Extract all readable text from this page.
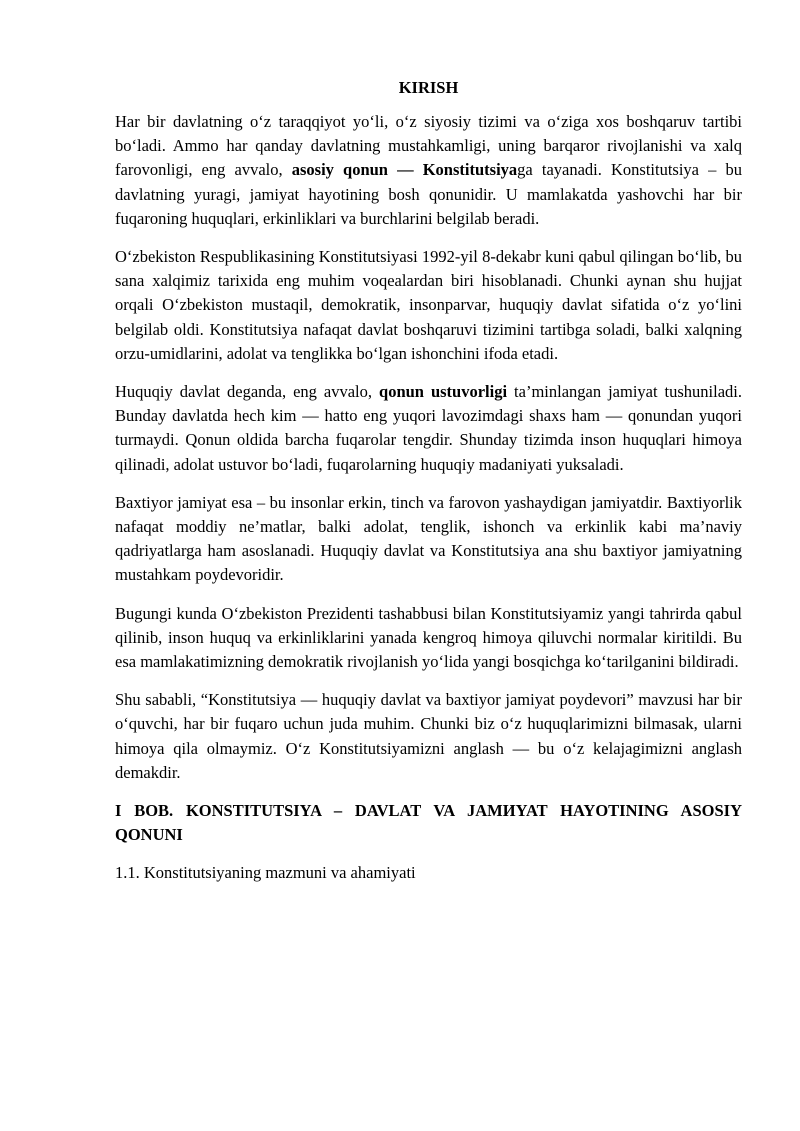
KIRISH

Har bir davlatning o‘z taraqqiyot yo‘li, o‘z siyosiy tizimi va o‘ziga xos boshqaruv tartibi bo‘ladi. Ammo har qanday davlatning mustahkamligi, uning barqaror rivojlanishi va xalq farovonligi, eng avvalo, asosiy qonun — Konstitutsiyaga tayanadi. Konstitutsiya – bu davlatning yuragi, jamiyat hayotining bosh qonunidir. U mamlakatda yashovchi har bir fuqaroning huquqlari, erkinliklari va burchlarini belgilab beradi.

O‘zbekiston Respublikasining Konstitutsiyasi 1992-yil 8-dekabr kuni qabul qilingan bo‘lib, bu sana xalqimiz tarixida eng muhim voqealardan biri hisoblanadi. Chunki aynan shu hujjat orqali O‘zbekiston mustaqil, demokratik, insonparvar, huquqiy davlat sifatida o‘z yo‘lini belgilab oldi. Konstitutsiya nafaqat davlat boshqaruvi tizimini tartibga soladi, balki xalqning orzu-umidlarini, adolat va tenglikka bo‘lgan ishonchini ifoda etadi.

Huquqiy davlat deganda, eng avvalo, qonun ustuvorligi ta’minlangan jamiyat tushuniladi. Bunday davlatda hech kim — hatto eng yuqori lavozimdagi shaxs ham — qonundan yuqori turmaydi. Qonun oldida barcha fuqarolar tengdir. Shunday tizimda inson huquqlari himoya qilinadi, adolat ustuvor bo‘ladi, fuqarolarning huquqiy madaniyati yuksaladi.

Baxtiyor jamiyat esa – bu insonlar erkin, tinch va farovon yashaydigan jamiyatdir. Baxtiyorlik nafaqat moddiy ne’matlar, balki adolat, tenglik, ishonch va erkinlik kabi ma’naviy qadriyatlarga ham asoslanadi. Huquqiy davlat va Konstitutsiya ana shu baxtiyor jamiyatning mustahkam poydevoridir.

Bugungi kunda O‘zbekiston Prezidenti tashabbusi bilan Konstitutsiyamiz yangi tahrirda qabul qilinib, inson huquq va erkinliklarini yanada kengroq himoya qiluvchi normalar kiritildi. Bu esa mamlakatimizning demokratik rivojlanish yo‘lida yangi bosqichga ko‘tarilganini bildiradi.

Shu sababli, “Konstitutsiya — huquqiy davlat va baxtiyor jamiyat poydevori” mavzusi har bir o‘quvchi, har bir fuqaro uchun juda muhim. Chunki biz o‘z huquqlarimizni bilmasak, ularni himoya qila olmaymiz. O‘z Konstitutsiyamizni anglash — bu o‘z kelajagimizni anglash demakdir.

I BOB. KONSTITUTSIYA – DAVLAT VA JAMИYAT HAYOTINING ASOSIY QONUNI

1.1. Konstitutsiyaning mazmuni va ahamiyati
